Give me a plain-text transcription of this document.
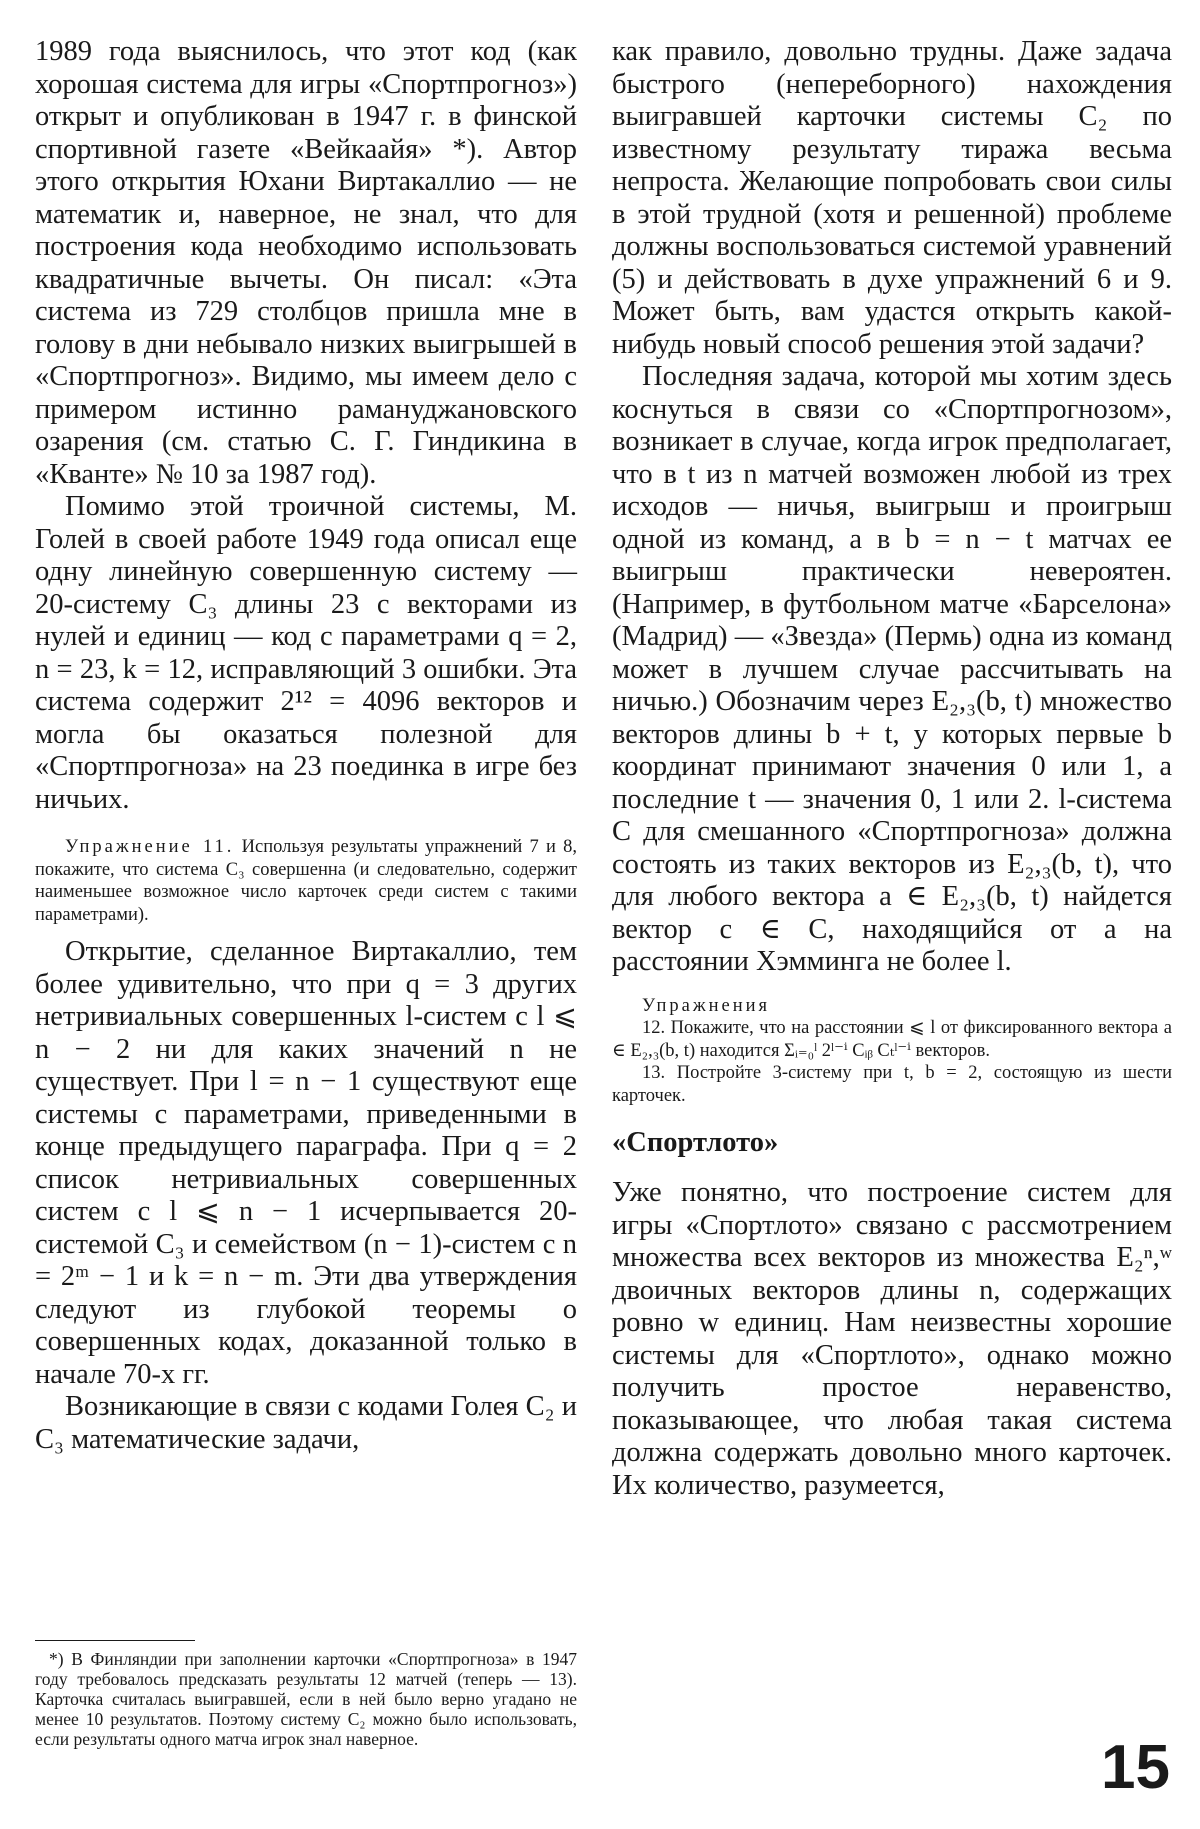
1989 года выяснилось, что этот код (как хорошая система для игры «Спортпрогноз») открыт и опубликован в 1947 г. в финской спортивной газете «Вейкаайя» *). Автор этого открытия Юхани Виртакаллио — не математик и, наверное, не знал, что для построения кода необходимо использовать квадратичные вычеты. Он писал: «Эта система из 729 столбцов пришла мне в голову в дни небывало низких выигрышей в «Спортпрогноз». Видимо, мы имеем дело с примером истинно рамануджановского озарения (см. статью С. Г. Гиндикина в «Кванте» № 10 за 1987 год).

Помимо этой троичной системы, М. Голей в своей работе 1949 года описал еще одну линейную совершенную систему — 20-систему C₃ длины 23 с векторами из нулей и единиц — код с параметрами q = 2, n = 23, k = 12, исправляющий 3 ошибки. Эта система содержит 2¹² = 4096 векторов и могла бы оказаться полезной для «Спортпрогноза» на 23 поединка в игре без ничьих.

Упражнение 11. Используя результаты упражнений 7 и 8, покажите, что система C₃ совершенна (и следовательно, содержит наименьшее возможное число карточек среди систем с такими параметрами).

Открытие, сделанное Виртакаллио, тем более удивительно, что при q = 3 других нетривиальных совершенных l-систем с l ⩽ n − 2 ни для каких значений n не существует. При l = n − 1 существуют еще системы с параметрами, приведенными в конце предыдущего параграфа. При q = 2 список нетривиальных совершенных систем с l ⩽ n − 1 исчерпывается 20-системой C₃ и семейством (n − 1)-систем с n = 2ᵐ − 1 и k = n − m. Эти два утверждения следуют из глубокой теоремы о совершенных кодах, доказанной только в начале 70-х гг.

Возникающие в связи с кодами Голея C₂ и C₃ математические задачи,

*) В Финляндии при заполнении карточки «Спортпрогноза» в 1947 году требовалось предсказать результаты 12 матчей (теперь — 13). Карточка считалась выигравшей, если в ней было верно угадано не менее 10 результатов. Поэтому систему C₂ можно было использовать, если результаты одного матча игрок знал наверное.

как правило, довольно трудны. Даже задача быстрого (непереборного) нахождения выигравшей карточки системы C₂ по известному результату тиража весьма непроста. Желающие попробовать свои силы в этой трудной (хотя и решенной) проблеме должны воспользоваться системой уравнений (5) и действовать в духе упражнений 6 и 9. Может быть, вам удастся открыть какой-нибудь новый способ решения этой задачи?

Последняя задача, которой мы хотим здесь коснуться в связи со «Спортпрогнозом», возникает в случае, когда игрок предполагает, что в t из n матчей возможен любой из трех исходов — ничья, выигрыш и проигрыш одной из команд, а в b = n − t матчах ее выигрыш практически невероятен. (Например, в футбольном матче «Барселона» (Мадрид) — «Звезда» (Пермь) одна из команд может в лучшем случае рассчитывать на ничью.) Обозначим через E₂,₃(b, t) множество векторов длины b + t, у которых первые b координат принимают значения 0 или 1, а последние t — значения 0, 1 или 2. l-система C для смешанного «Спортпрогноза» должна состоять из таких векторов из E₂,₃(b, t), что для любого вектора a ∈ E₂,₃(b, t) найдется вектор c ∈ C, находящийся от a на расстоянии Хэмминга не более l.

Упражнения

12. Покажите, что на расстоянии ⩽ l от фиксированного вектора a ∈ E₂,₃(b, t) находится Σᵢ₌₀ˡ 2ˡ⁻ⁱ Cᵢᵦ Cₜˡ⁻ⁱ векторов.

13. Постройте 3-систему при t, b = 2, состоящую из шести карточек.

«Спортлото»

Уже понятно, что построение систем для игры «Спортлото» связано с рассмотрением множества всех векторов из множества E₂ⁿ,ʷ двоичных векторов длины n, содержащих ровно w единиц. Нам неизвестны хорошие системы для «Спортлото», однако можно получить простое неравенство, показывающее, что любая такая система должна содержать довольно много карточек. Их количество, разумеется,

15
